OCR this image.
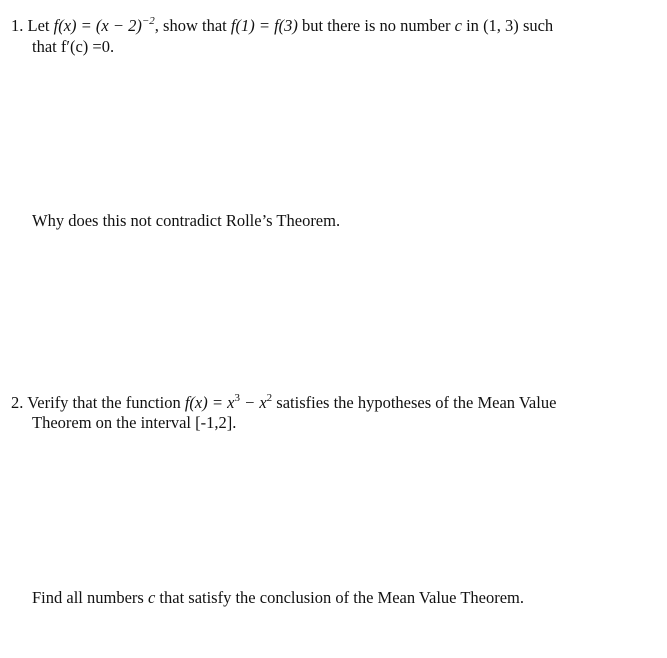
1. Let $f(x) = (x - 2)^{-2}$, show that f(1) = f(3) but there is no number c in (1, 3) such
that f′(c) =0.
Why does this not contradict Rolle’s Theorem.
2. Verify that the function $f(x) = x^3 - x^2$ satisfies the hypotheses of the Mean Value
Theorem on the interval [-1,2].
Find all numbers c that satisfy the conclusion of the Mean Value Theorem.
